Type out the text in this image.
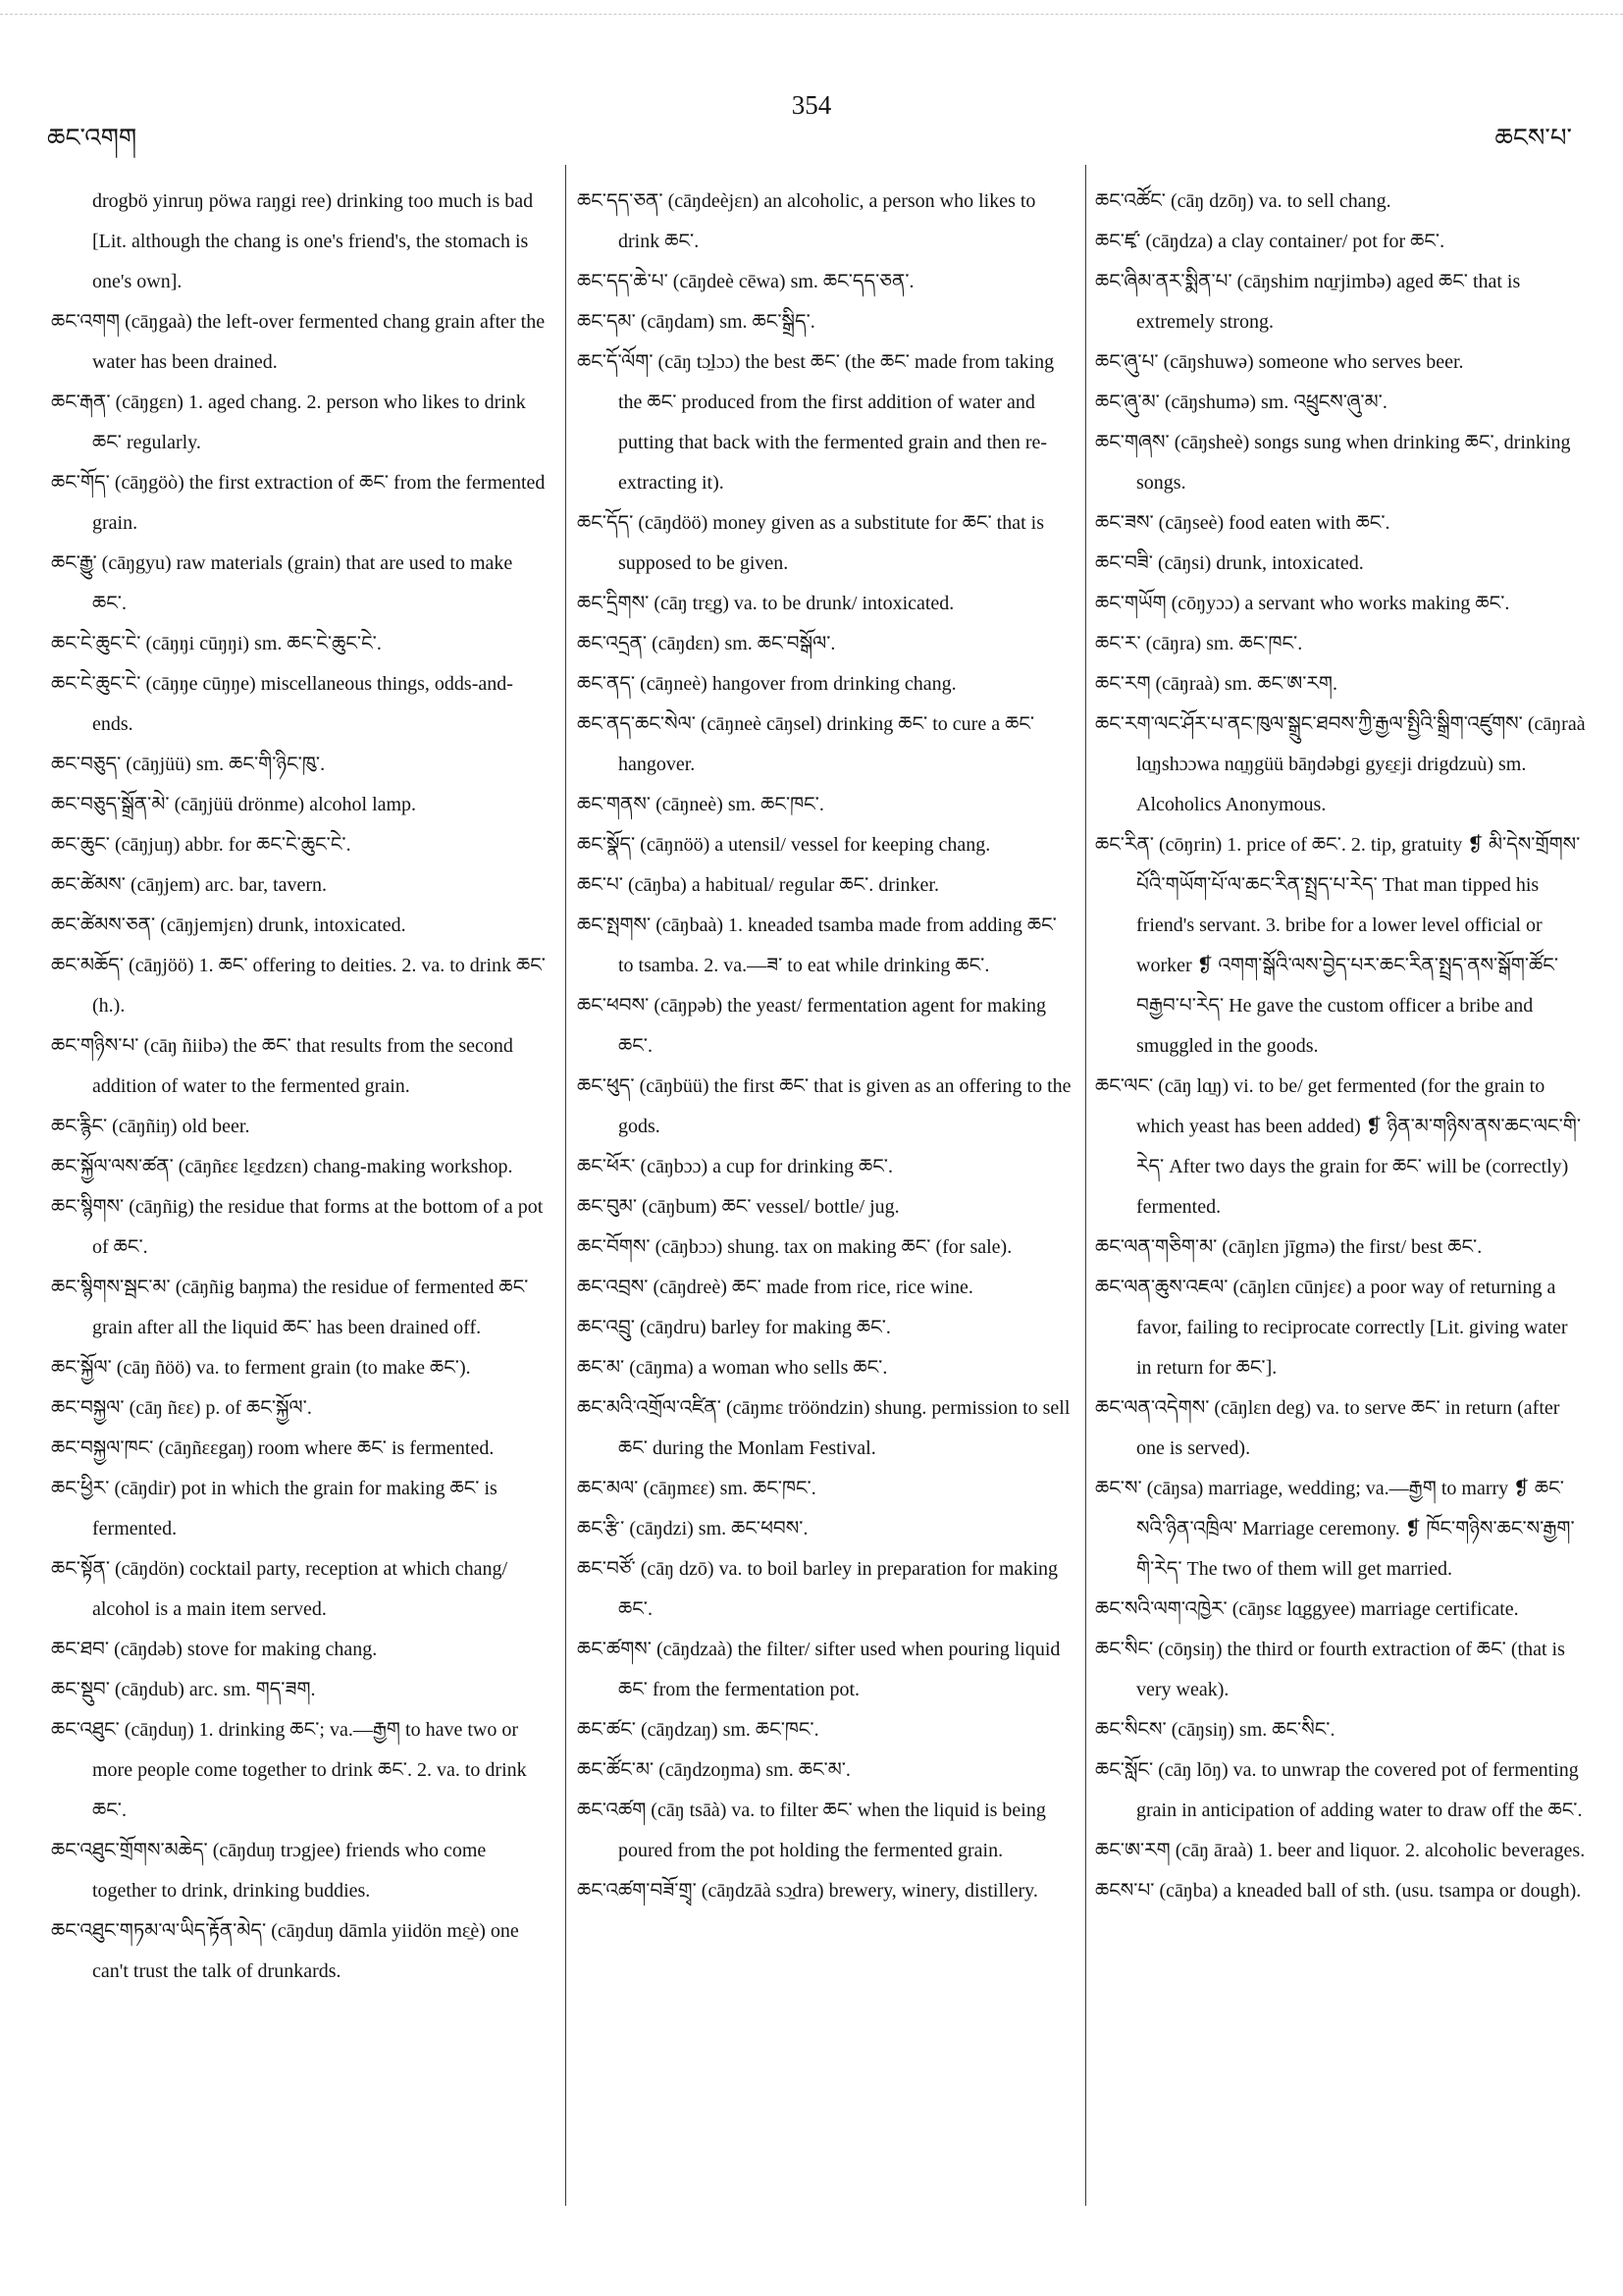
ཆང་འགག
354
ཆངས་པ་

drogbö yinruŋ pöwa raŋgi ree) drinking too much is bad [Lit. although the chang is one's friend's, the stomach is one's own].

ཆང་འགག (cāŋgaà) the left-over fermented chang grain after the water has been drained.

ཆང་རྒན་ (cāŋgɛn) 1. aged chang. 2. person who likes to drink ཆང་ regularly.

ཆང་གོད་ (cāŋgöò) the first extraction of ཆང་ from the fermented grain.

ཆང་རྒྱུ་ (cāŋgyu) raw materials (grain) that are used to make ཆང་.

ཆང་ངེ་ཆུང་ངེ་ (cāŋŋi cūŋŋi) sm. ཆང་ངེ་ཆུང་ངེ་.

ཆང་ངེ་ཆུང་ངེ་ (cāŋŋe cūŋŋe) miscellaneous things, odds-and-ends.

ཆང་བཅུད་ (cāŋjüü) sm. ཆང་གི་ཉིང་ཁུ་.

ཆང་བཅུད་སྒྲོན་མེ་ (cāŋjüü drönme) alcohol lamp.

ཆང་ཆུང་ (cāŋjuŋ) abbr. for ཆང་ངེ་ཆུང་ངེ་.

ཆང་ཚེམས་ (cāŋjem) arc. bar, tavern.

ཆང་ཚེམས་ཅན་ (cāŋjemjɛn) drunk, intoxicated.

ཆང་མཆོད་ (cāŋjöö) 1. ཆང་ offering to deities. 2. va. to drink ཆང་ (h.).

ཆང་གཉིས་པ་ (cāŋ ñiibə) the ཆང་ that results from the second addition of water to the fermented grain.

ཆང་རྙིང་ (cāŋñiŋ) old beer.

ཆང་སྐྱོལ་ལས་ཚན་ (cāŋñɛɛ lɛ̱ɛdzɛn) chang-making workshop.

ཆང་སྙིགས་ (cāŋñig) the residue that forms at the bottom of a pot of ཆང་.

ཆང་སྙིགས་སྦང་མ་ (cāŋñig baŋma) the residue of fermented ཆང་ grain after all the liquid ཆང་ has been drained off.

ཆང་སྐྱོལ་ (cāŋ ñöö) va. to ferment grain (to make ཆང་).

ཆང་བསྐྱལ་ (cāŋ ñɛɛ) p. of ཆང་སྐྱོལ་.

ཆང་བསྐྱལ་ཁང་ (cāŋñɛɛgaŋ) room where ཆང་ is fermented.

ཆང་ཕྱིར་ (cāŋdir) pot in which the grain for making ཆང་ is fermented.

ཆང་སྟོན་ (cāŋdön) cocktail party, reception at which chang/ alcohol is a main item served.

ཆང་ཐབ་ (cāŋdəb) stove for making chang.

ཆང་སྡུབ་ (cāŋdub) arc. sm. གད་ཟག.

ཆང་འཐུང་ (cāŋduŋ) 1. drinking ཆང་; va.—རྒྱག to have two or more people come together to drink ཆང་. 2. va. to drink ཆང་.

ཆང་འཐུང་གྲོགས་མཆེད་ (cāŋduŋ trɔgjee) friends who come together to drink, drinking buddies.

ཆང་འཐུང་གཏམ་ལ་ཡིད་རྟོན་མེད་ (cāŋduŋ dāmla yiidön mɛ̱è) one can't trust the talk of drunkards.

ཆང་དད་ཅན་ (cāŋdeèjɛn) an alcoholic, a person who likes to drink ཆང་.

ཆང་དད་ཆེ་པ་ (cāŋdeè cēwa) sm. ཆང་དད་ཅན་.

ཆང་དམ་ (cāŋdam) sm. ཆང་སྒྲིད་.

ཆང་དོ་ལོག་ (cāŋ tɔ̱lɔɔ) the best ཆང་ (the ཆང་ made from taking the ཆང་ produced from the first addition of water and putting that back with the fermented grain and then re-extracting it).

ཆང་དོད་ (cāŋdöö) money given as a substitute for ཆང་ that is supposed to be given.

ཆང་དྲིགས་ (cāŋ trɛ̱g) va. to be drunk/ intoxicated.

ཆང་འདྲན་ (cāŋdɛn) sm. ཆང་བསྒོལ་.

ཆང་ནད་ (cāŋneè) hangover from drinking chang.

ཆང་ནད་ཆང་སེལ་ (cāŋneè cāŋsel) drinking ཆང་ to cure a ཆང་ hangover.

ཆང་གནས་ (cāŋneè) sm. ཆང་ཁང་.

ཆང་སྣོད་ (cāŋnöö) a utensil/ vessel for keeping chang.

ཆང་པ་ (cāŋba) a habitual/ regular ཆང་. drinker.

ཆང་སྤགས་ (cāŋbaà) 1. kneaded tsamba made from adding ཆང་ to tsamba. 2. va.—ཟ་ to eat while drinking ཆང་.

ཆང་ཕབས་ (cāŋpəb) the yeast/ fermentation agent for making ཆང་.

ཆང་ཕུད་ (cāŋbüü) the first ཆང་ that is given as an offering to the gods.

ཆང་ཕོར་ (cāŋbɔɔ) a cup for drinking ཆང་.

ཆང་བུམ་ (cāŋbum) ཆང་ vessel/ bottle/ jug.

ཆང་བོགས་ (cāŋbɔɔ) shung. tax on making ཆང་ (for sale).

ཆང་འབྲས་ (cāŋdreè) ཆང་ made from rice, rice wine.

ཆང་འབྲུ་ (cāŋdru) barley for making ཆང་.

ཆང་མ་ (cāŋma) a woman who sells ཆང་.

ཆང་མའི་འགྲོལ་འཛིན་ (cāŋmɛ trööndzin) shung. permission to sell ཆང་ during the Monlam Festival.

ཆང་མལ་ (cāŋmɛɛ) sm. ཆང་ཁང་.

ཆང་རྩི་ (cāŋdzi) sm. ཆང་ཕབས་.

ཆང་བཙོ་ (cāŋ dzō) va. to boil barley in preparation for making ཆང་.

ཆང་ཚགས་ (cāŋdzaà) the filter/ sifter used when pouring liquid ཆང་ from the fermentation pot.

ཆང་ཚང་ (cāŋdzaŋ) sm. ཆང་ཁང་.

ཆང་ཚོང་མ་ (cāŋdzoŋma) sm. ཆང་མ་.

ཆང་འཚག (cāŋ tsāà) va. to filter ཆང་ when the liquid is being poured from the pot holding the fermented grain.

ཆང་འཚག་བཟོ་གྲྭ་ (cāŋdzāà sɔ̱dra) brewery, winery, distillery.

ཆང་འཚོང་ (cāŋ dzōŋ) va. to sell chang.

ཆང་ཛྭ་ (cāŋdza) a clay container/ pot for ཆང་.

ཆང་ཞིམ་ནར་སྨིན་པ་ (cāŋshim nɑ̱rjimbə) aged ཆང་ that is extremely strong.

ཆང་ཞུ་པ་ (cāŋshuwə) someone who serves beer.

ཆང་ཞུ་མ་ (cāŋshumə) sm. འཕྲུངས་ཞུ་མ་.

ཆང་གཞས་ (cāŋsheè) songs sung when drinking ཆང་, drinking songs.

ཆང་ཟས་ (cāŋseè) food eaten with ཆང་.

ཆང་བཟི་ (cāŋsi) drunk, intoxicated.

ཆང་གཡོག (cōŋyɔɔ) a servant who works making ཆང་.

ཆང་ར་ (cāŋra) sm. ཆང་ཁང་.

ཆང་རག (cāŋraà) sm. ཆང་ཨ་རག.

ཆང་རག་ལང་ཤོར་པ་ནང་ཁུལ་སྒྲུང་ཐབས་ཀྱི་རྒྱལ་སྤྱིའི་སྒྲིག་འཛུགས་ (cāŋraà lɑ̱ŋshɔɔwa nɑ̱ŋgüü bāŋdəbgi gyɛ̱ɛji drigdzuù) sm. Alcoholics Anonymous.

ཆང་རིན་ (cōŋrin) 1. price of ཆང་. 2. tip, gratuity ❡ མི་དེས་གྲོགས་པོའི་གཡོག་པོ་ལ་ཆང་རིན་སྤྲད་པ་རེད་ That man tipped his friend's servant. 3. bribe for a lower level official or worker ❡ འགག་སྒོའི་ལས་བྱེད་པར་ཆང་རིན་སྤྲད་ནས་སྒོག་ཚོང་བརྒྱབ་པ་རེད་ He gave the custom officer a bribe and smuggled in the goods.

ཆང་ལང་ (cāŋ lɑ̱ŋ) vi. to be/ get fermented (for the grain to which yeast has been added) ❡ ཉིན་མ་གཉིས་ནས་ཆང་ལང་གི་རེད་ After two days the grain for ཆང་ will be (correctly) fermented.

ཆང་ལན་གཅིག་མ་ (cāŋlɛn jīgmə) the first/ best ཆང་.

ཆང་ལན་ཆུས་འཇལ་ (cāŋlɛn cūnjɛɛ) a poor way of returning a favor, failing to reciprocate correctly [Lit. giving water in return for ཆང་].

ཆང་ལན་འདེགས་ (cāŋlɛn deg) va. to serve ཆང་ in return (after one is served).

ཆང་ས་ (cāŋsa) marriage, wedding; va.—རྒྱག to marry ❡ ཆང་སའི་ཉིན་འཁྲིལ་ Marriage ceremony. ❡ ཁོང་གཉིས་ཆང་ས་རྒྱག་གི་རེད་ The two of them will get married.

ཆང་སའི་ལག་འཁྱེར་ (cāŋsɛ lɑ̱ggyee) marriage certificate.

ཆང་སིང་ (cōŋsiŋ) the third or fourth extraction of ཆང་ (that is very weak).

ཆང་སིངས་ (cāŋsiŋ) sm. ཆང་སིང་.

ཆང་སློང་ (cāŋ lōŋ) va. to unwrap the covered pot of fermenting grain in anticipation of adding water to draw off the ཆང་.

ཆང་ཨ་རག (cāŋ āraà) 1. beer and liquor. 2. alcoholic beverages.

ཆངས་པ་ (cāŋba) a kneaded ball of sth. (usu. tsampa or dough).
